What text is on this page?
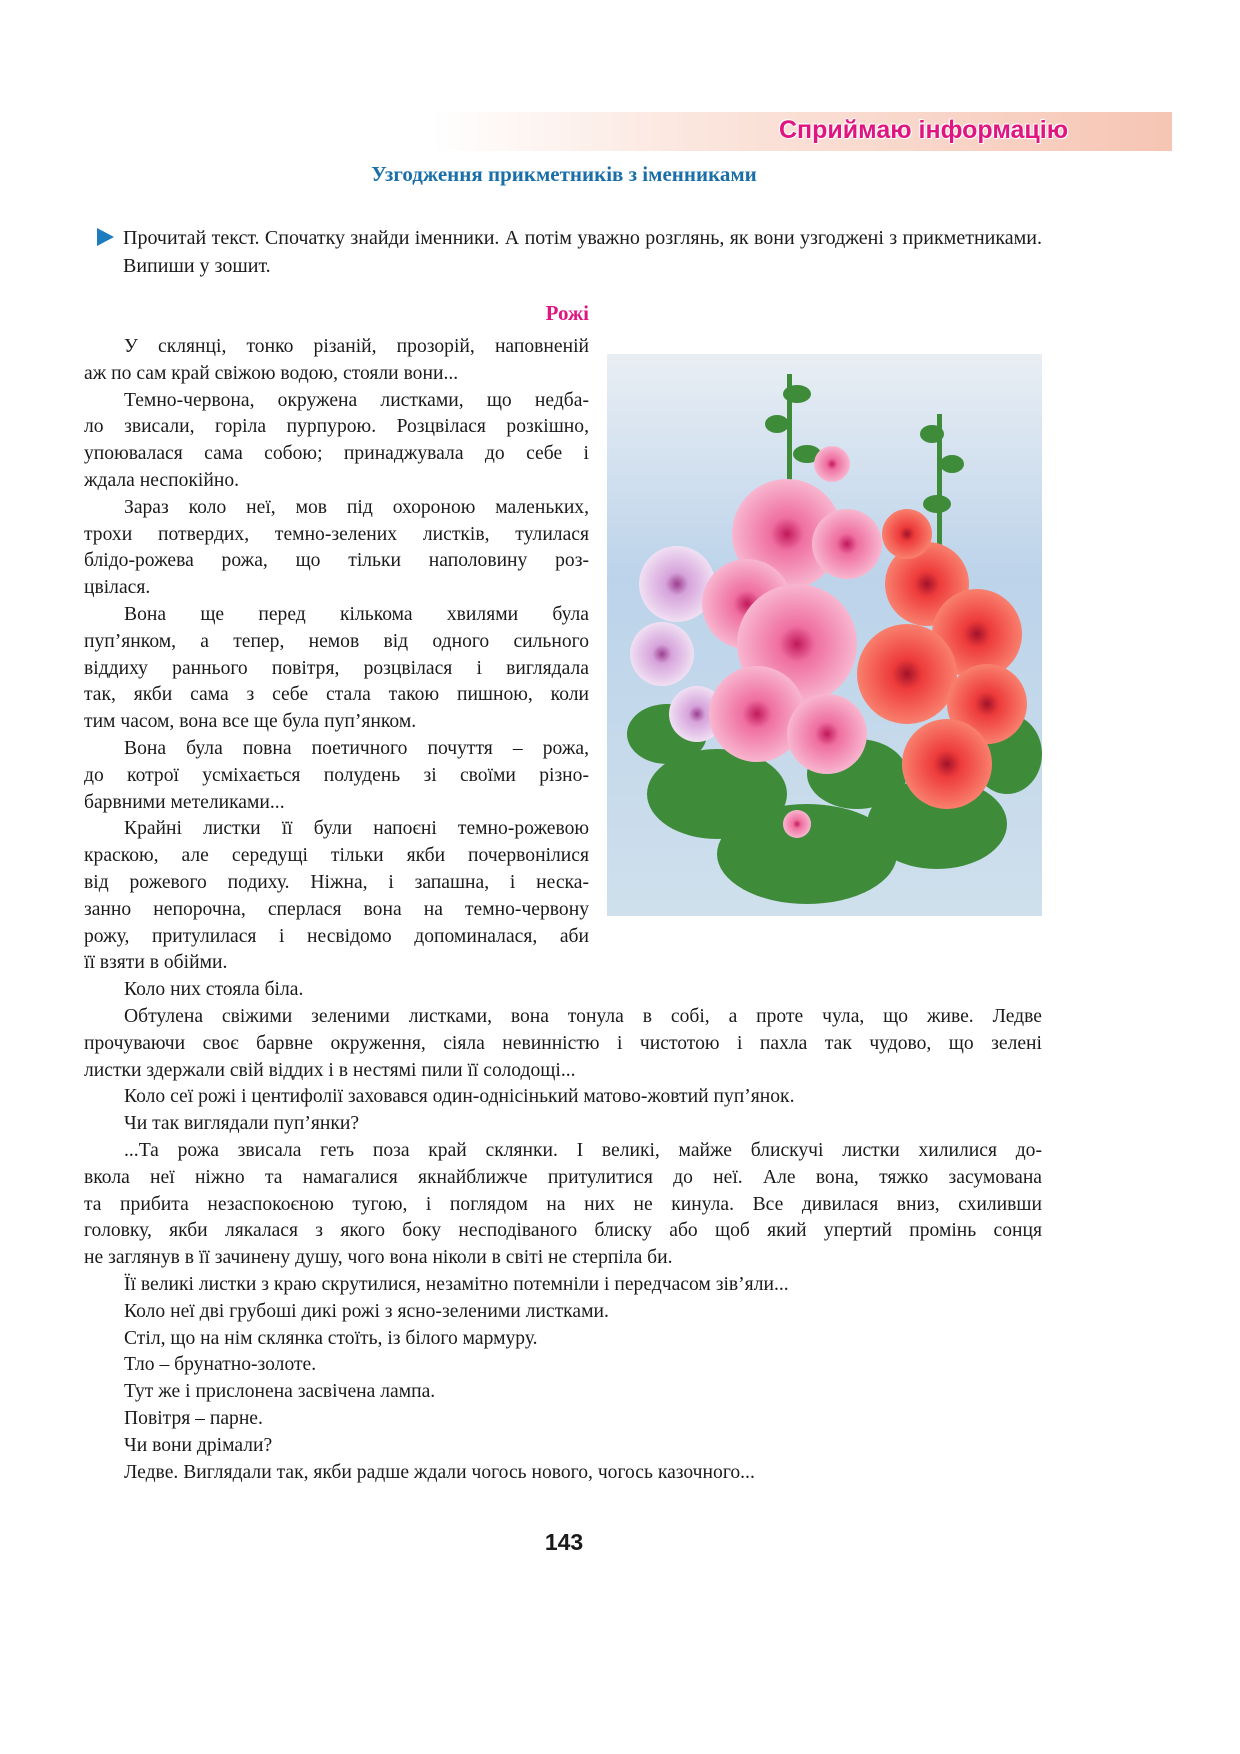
Сприймаю інформацію
Узгодження прикметників з іменниками
Прочитай текст. Спочатку знайди іменники. А потім уважно розглянь, як вони узгоджені з прикметниками. Випиши у зошит.
Рожі
У склянці, тонко різаній, прозорій, наповненій
аж по сам край свіжою водою, стояли вони...
Темно-червона, окружена листками, що недба-
ло звисали, горіла пурпурою. Розцвілася розкішно,
упоювалася сама собою; принаджувала до себе і
ждала неспокійно.
Зараз коло неї, мов під охороною маленьких,
трохи потвердих, темно-зелених листків, тулилася
блідо-рожева рожа, що тільки наполовину роз-
цвілася.
Вона ще перед кількома хвилями була
пуп’янком, а тепер, немов від одного сильного
віддиху раннього повітря, розцвілася і виглядала
так, якби сама з себе стала такою пишною, коли
тим часом, вона все ще була пуп’янком.
Вона була повна поетичного почуття – рожа,
до котрої усміхається полудень зі своїми різно-
барвними метеликами...
Крайні листки її були напоєні темно-рожевою
краскою, але середущі тільки якби почервонілися
від рожевого подиху. Ніжна, і запашна, і неска-
занно непорочна, сперлася вона на темно-червону
рожу, притулилася і несвідомо допоминалася, аби
її взяти в обійми.
Коло них стояла біла.
Обтулена свіжими зеленими листками, вона тонула в собі, а проте чула, що живе. Ледве
прочуваючи своє барвне окруження, сіяла невинністю і чистотою і пахла так чудово, що зелені
листки здержали свій віддих і в нестямі пили її солодощі...
Коло сеї рожі і центифолії заховався один-однісінький матово-жовтий пуп’янок.
Чи так виглядали пуп’янки?
...Та рожа звисала геть поза край склянки. І великі, майже блискучі листки хилилися до-
вкола неї ніжно та намагалися якнайближче притулитися до неї. Але вона, тяжко засумована
та прибита незаспокоєною тугою, і поглядом на них не кинула. Все дивилася вниз, схиливши
головку, якби лякалася з якого боку несподіваного блиску або щоб який упертий промінь сонця
не заглянув в її зачинену душу, чого вона ніколи в світі не стерпіла би.
Її великі листки з краю скрутилися, незамітно потемніли і передчасом зів’яли...
Коло неї дві грубоші дикі рожі з ясно-зеленими листками.
Стіл, що на нім склянка стоїть, із білого мармуру.
Тло – брунатно-золоте.
Тут же і прислонена засвічена лампа.
Повітря – парне.
Чи вони дрімали?
Ледве. Виглядали так, якби радше ждали чогось нового, чогось казочного...
143
